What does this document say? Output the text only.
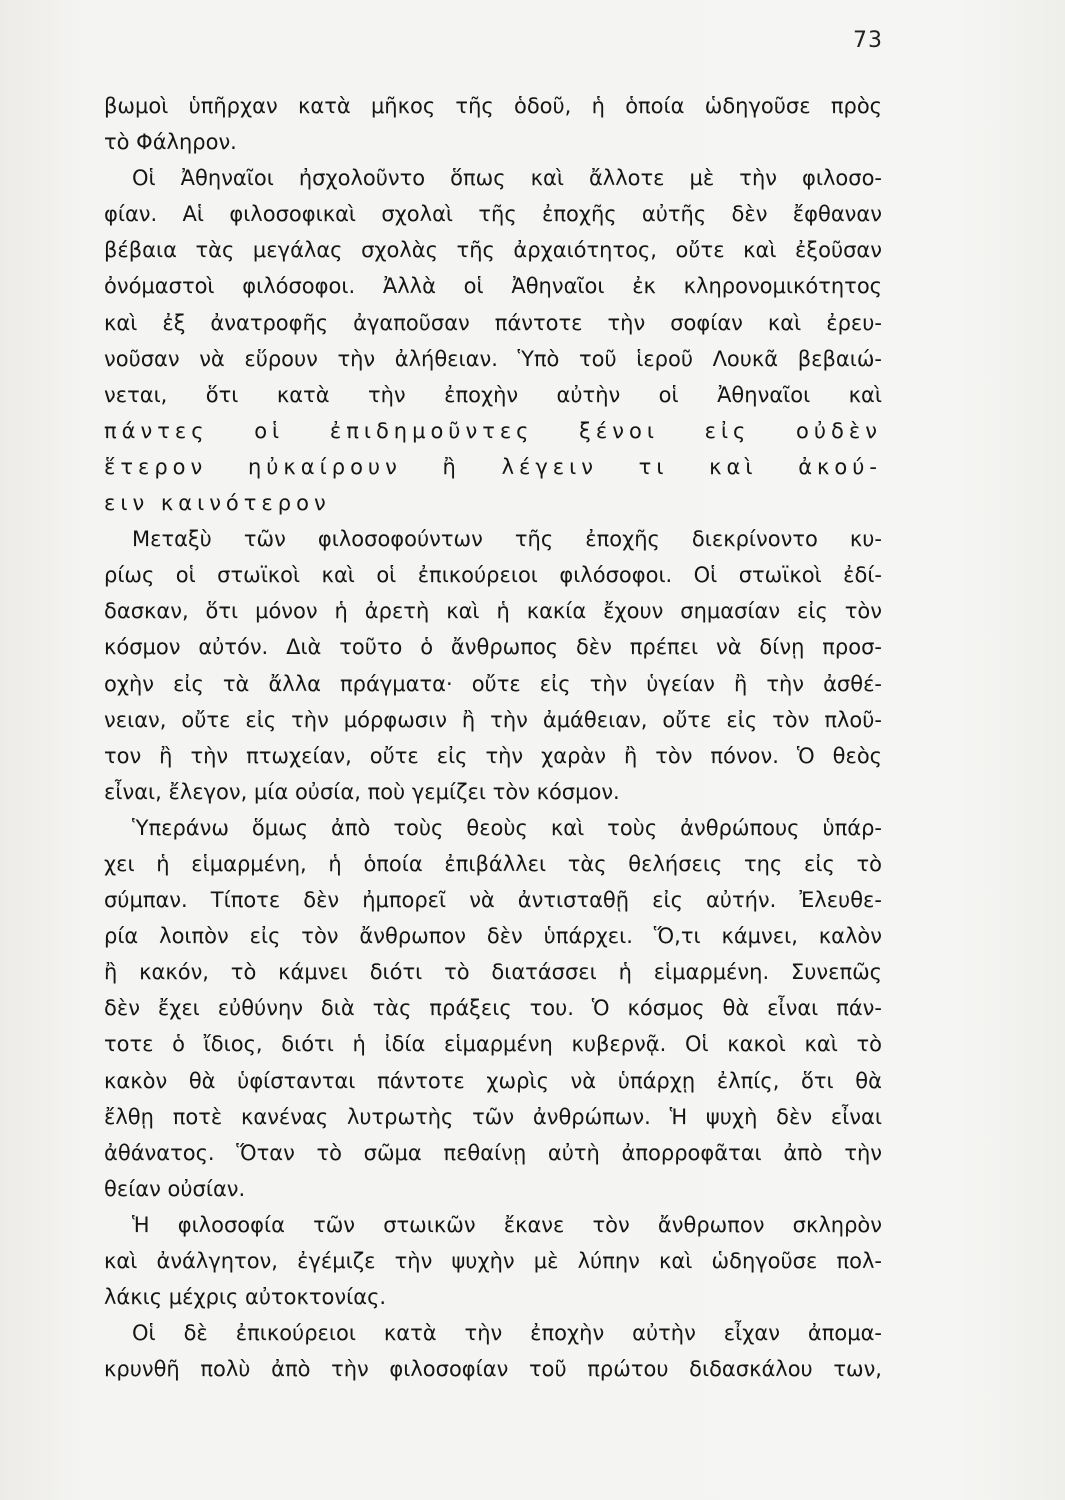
73
βωμοὶ ὑπῆρχαν κατὰ μῆκος τῆς ὁδοῦ, ἡ ὁποία ὡδηγοῦσε πρὸς
τὸ Φάληρον.
Οἱ Ἀθηναῖοι ἠσχολοῦντο ὅπως καὶ ἄλλοτε μὲ τὴν φιλοσο-
φίαν. Αἱ φιλοσοφικαὶ σχολαὶ τῆς ἐποχῆς αὐτῆς δὲν ἔφθαναν
βέβαια τὰς μεγάλας σχολὰς τῆς ἀρχαιότητος, οὔτε καὶ ἐξοῦσαν
ὀνόμαστοὶ φιλόσοφοι. Ἀλλὰ οἱ Ἀθηναῖοι ἐκ κληρονομικότητος
καὶ ἐξ ἀνατροφῆς ἀγαποῦσαν πάντοτε τὴν σοφίαν καὶ ἐρευ-
νοῦσαν νὰ εὕρουν τὴν ἀλήθειαν. Ὑπὸ τοῦ ἱεροῦ Λουκᾶ βεβαιώ-
νεται, ὅτι κατὰ τὴν ἐποχὴν αὐτὴν οἱ Ἀθηναῖοι καὶ
πάντες οἱ ἐπιδημοῦντες ξένοι εἰς οὐδὲν
ἕτερον ηὐκαίρουν ἢ λέγειν τι καὶ ἀκού-
ειν καινότερον
Μεταξὺ τῶν φιλοσοφούντων τῆς ἐποχῆς διεκρίνοντο κυ-
ρίως οἱ στωϊκοὶ καὶ οἱ ἐπικούρειοι φιλόσοφοι. Οἱ στωϊκοὶ ἐδί-
δασκαν, ὅτι μόνον ἡ ἀρετὴ καὶ ἡ κακία ἔχουν σημασίαν εἰς τὸν
κόσμον αὐτόν. Διὰ τοῦτο ὁ ἄνθρωπος δὲν πρέπει νὰ δίνῃ προσ-
οχὴν εἰς τὰ ἄλλα πράγματα· οὔτε εἰς τὴν ὑγείαν ἢ τὴν ἀσθέ-
νειαν, οὔτε εἰς τὴν μόρφωσιν ἢ τὴν ἀμάθειαν, οὔτε εἰς τὸν πλοῦ-
τον ἢ τὴν πτωχείαν, οὔτε εἰς τὴν χαρὰν ἢ τὸν πόνον. Ὁ θεὸς
εἶναι, ἔλεγον, μία οὐσία, ποὺ γεμίζει τὸν κόσμον.
Ὑπεράνω ὅμως ἀπὸ τοὺς θεοὺς καὶ τοὺς ἀνθρώπους ὑπάρ-
χει ἡ εἱμαρμένη, ἡ ὁποία ἐπιβάλλει τὰς θελήσεις της εἰς τὸ
σύμπαν. Τίποτε δὲν ἠμπορεῖ νὰ ἀντισταθῇ εἰς αὐτήν. Ἐλευθε-
ρία λοιπὸν εἰς τὸν ἄνθρωπον δὲν ὑπάρχει. Ὅ,τι κάμνει, καλὸν
ἢ κακόν, τὸ κάμνει διότι τὸ διατάσσει ἡ εἱμαρμένη. Συνεπῶς
δὲν ἔχει εὐθύνην διὰ τὰς πράξεις του. Ὁ κόσμος θὰ εἶναι πάν-
τοτε ὁ ἴδιος, διότι ἡ ἰδία εἱμαρμένη κυβερνᾷ. Οἱ κακοὶ καὶ τὸ
κακὸν θὰ ὑφίστανται πάντοτε χωρὶς νὰ ὑπάρχῃ ἐλπίς, ὅτι θὰ
ἔλθῃ ποτὲ κανένας λυτρωτὴς τῶν ἀνθρώπων. Ἡ ψυχὴ δὲν εἶναι
ἀθάνατος. Ὅταν τὸ σῶμα πεθαίνῃ αὐτὴ ἀπορροφᾶται ἀπὸ τὴν
θείαν οὐσίαν.
Ἡ φιλοσοφία τῶν στωικῶν ἔκανε τὸν ἄνθρωπον σκληρὸν
καὶ ἀνάλγητον, ἐγέμιζε τὴν ψυχὴν μὲ λύπην καὶ ὡδηγοῦσε πολ-
λάκις μέχρις αὐτοκτονίας.
Οἱ δὲ ἐπικούρειοι κατὰ τὴν ἐποχὴν αὐτὴν εἶχαν ἀπομα-
κρυνθῆ πολὺ ἀπὸ τὴν φιλοσοφίαν τοῦ πρώτου διδασκάλου των,
